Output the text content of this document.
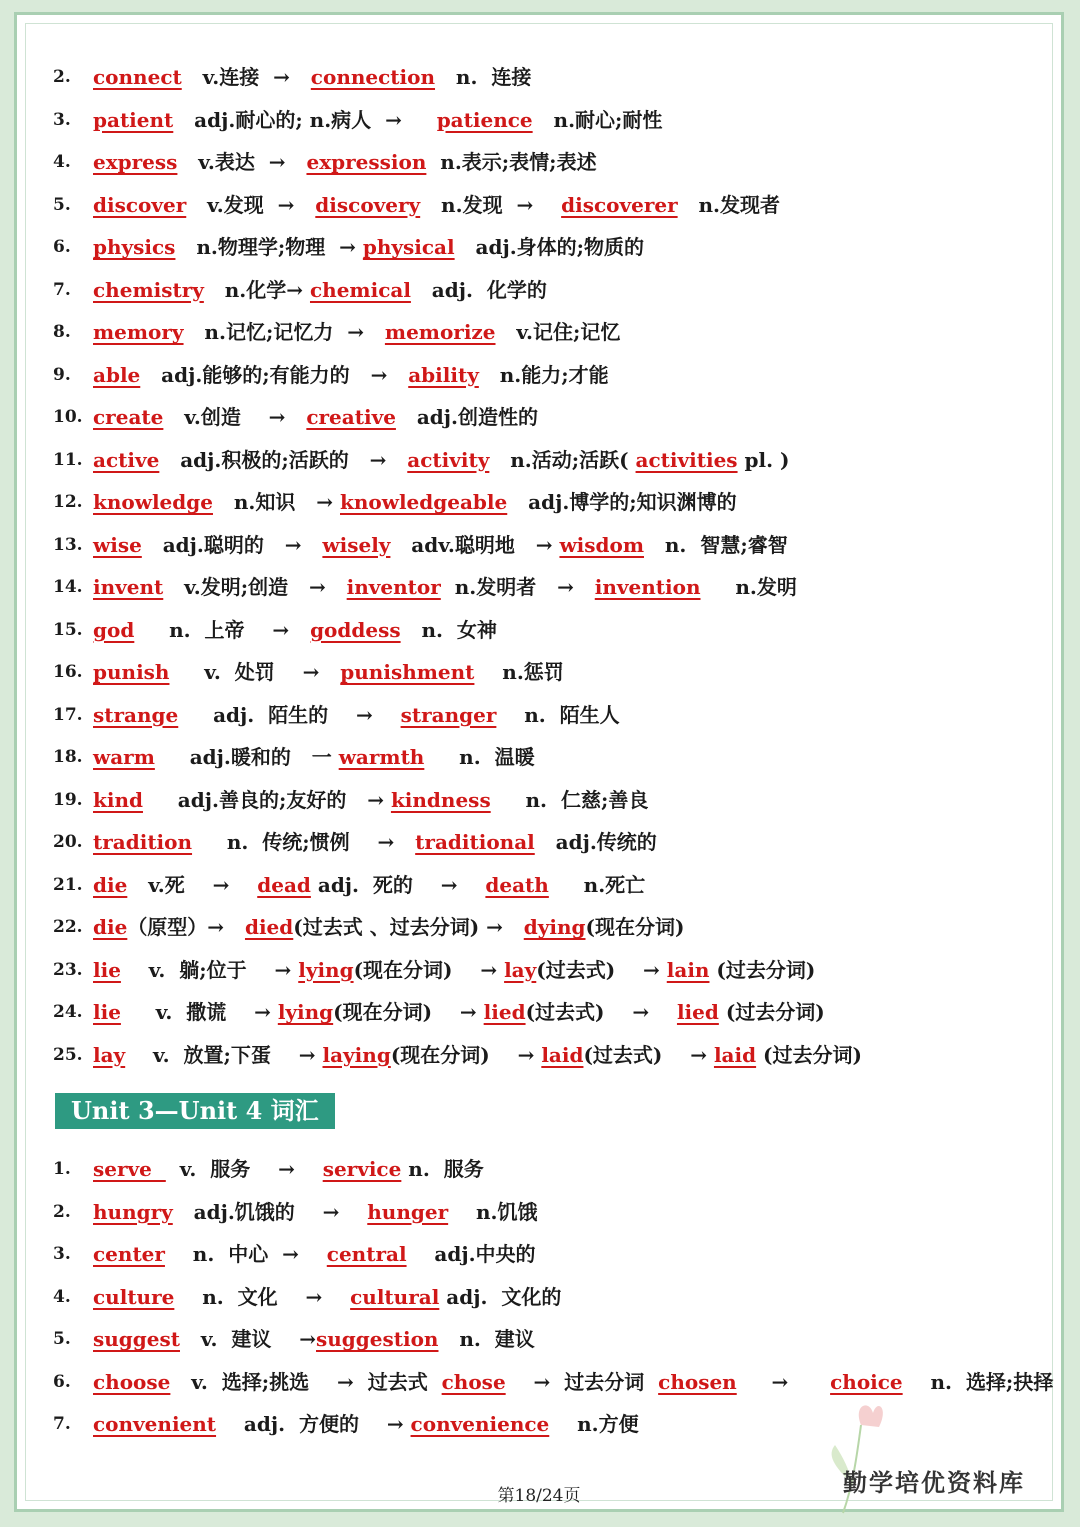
2.	connect v.连接  → connection n.  连接
3.	patient adj.耐心的; n.病人  → patience n.耐心;耐性
4.	express v.表达  → expression n.表示;表情;表述
5.	discover v.发现  → discovery n.发现  → discoverer n.发现者
6.	physics n.物理学;物理  → physical adj.身体的;物质的
7.	chemistry n.化学→ chemical adj.  化学的
8.	memory n.记忆;记忆力  → memorize v.记住;记忆
9.	able adj.能够的;有能力的   → ability n.能力;才能
10. create v.创造    → creative adj.创造性的
11. active adj.积极的;活跃的   → activity n.活动;活跃( activities pl. )
12. knowledge n.知识   → knowledgeable adj.博学的;知识渊博的
13. wise adj.聪明的   → wisely adv.聪明地   → wisdom n.  智慧;睿智
14. invent v.发明;创造   → inventor n.发明者   → invention n.发明
15. god n.  上帝    → goddess n.  女神
16. punish v.  处罚    → punishment n.惩罚
17. strange adj.  陌生的    → stranger n.  陌生人
18. warm adj.暖和的   一 warmth n.  温暖
19. kind adj.善良的;友好的   → kindness n.  仁慈;善良
20. tradition n.  传统;惯例    → traditional adj.传统的
21. die v.死    → dead adj.  死的    → death n.死亡
22. die （原型）→ died (过去式 、过去分词) → dying (现在分词)
23. lie v.  躺;位于    → lying (现在分词)    → lay (过去式)    → lain (过去分词)
24. lie v.  撒谎    → lying (现在分词)    → lied (过去式)    → lied (过去分词)
25. lay v.  放置;下蛋    → laying (现在分词)    → laid (过去式)    → laid (过去分词)
Unit 3—Unit 4 词汇
1.	serve v.  服务    → service n.  服务
2.	hungry adj.饥饿的    → hunger n.饥饿
3.	center n.  中心  → central adj.中央的
4.	culture n.  文化    → cultural adj.  文化的
5.	suggest v.  建议    → suggestion n.  建议
6.	choose v.  选择;挑选    →  过去式 chose →  过去分词 chosen → choice n.  选择;抉择
7.	convenient adj.  方便的    → convenience n.方便
第18/24页	勤学培优资料库
